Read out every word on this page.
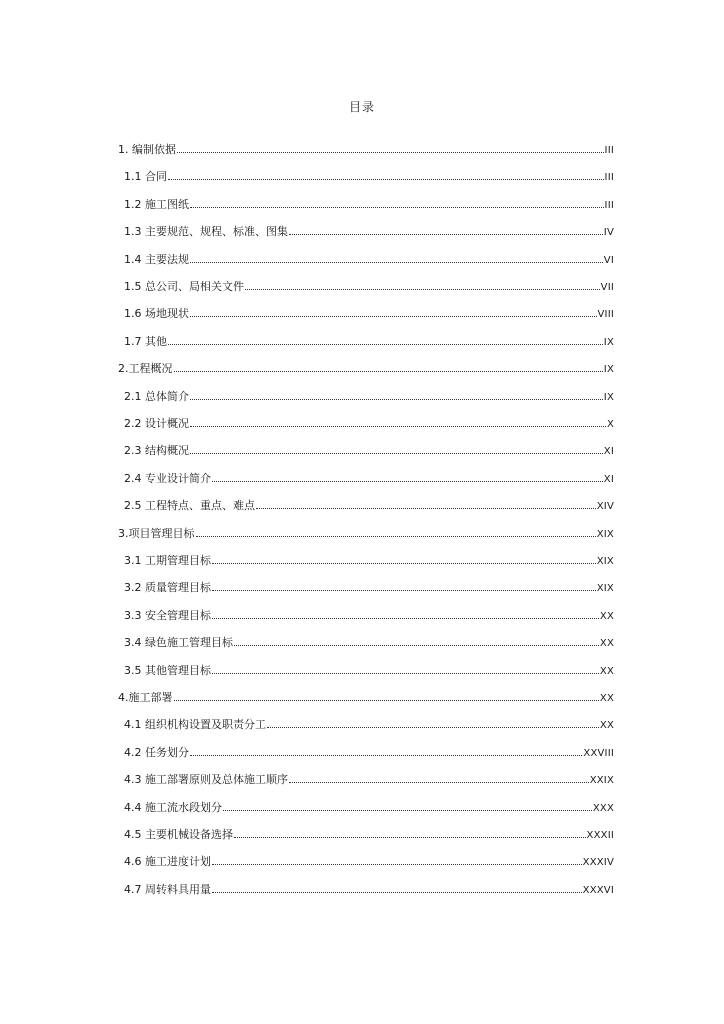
目录
1. 编制依据	III
1.1 合同	III
1.2 施工图纸	III
1.3 主要规范、规程、标准、图集	IV
1.4 主要法规	VI
1.5 总公司、局相关文件	VII
1.6 场地现状	VIII
1.7 其他	IX
2.工程概况	IX
2.1 总体简介	IX
2.2 设计概况	X
2.3 结构概况	XI
2.4 专业设计简介	XI
2.5 工程特点、重点、难点	XIV
3.项目管理目标	XIX
3.1 工期管理目标	XIX
3.2 质量管理目标	XIX
3.3 安全管理目标	XX
3.4 绿色施工管理目标	XX
3.5 其他管理目标	XX
4.施工部署	XX
4.1 组织机构设置及职责分工	XX
4.2 任务划分	XXVIII
4.3 施工部署原则及总体施工顺序	XXIX
4.4 施工流水段划分	XXX
4.5 主要机械设备选择	XXXII
4.6 施工进度计划	XXXIV
4.7 周转料具用量	XXXVI
